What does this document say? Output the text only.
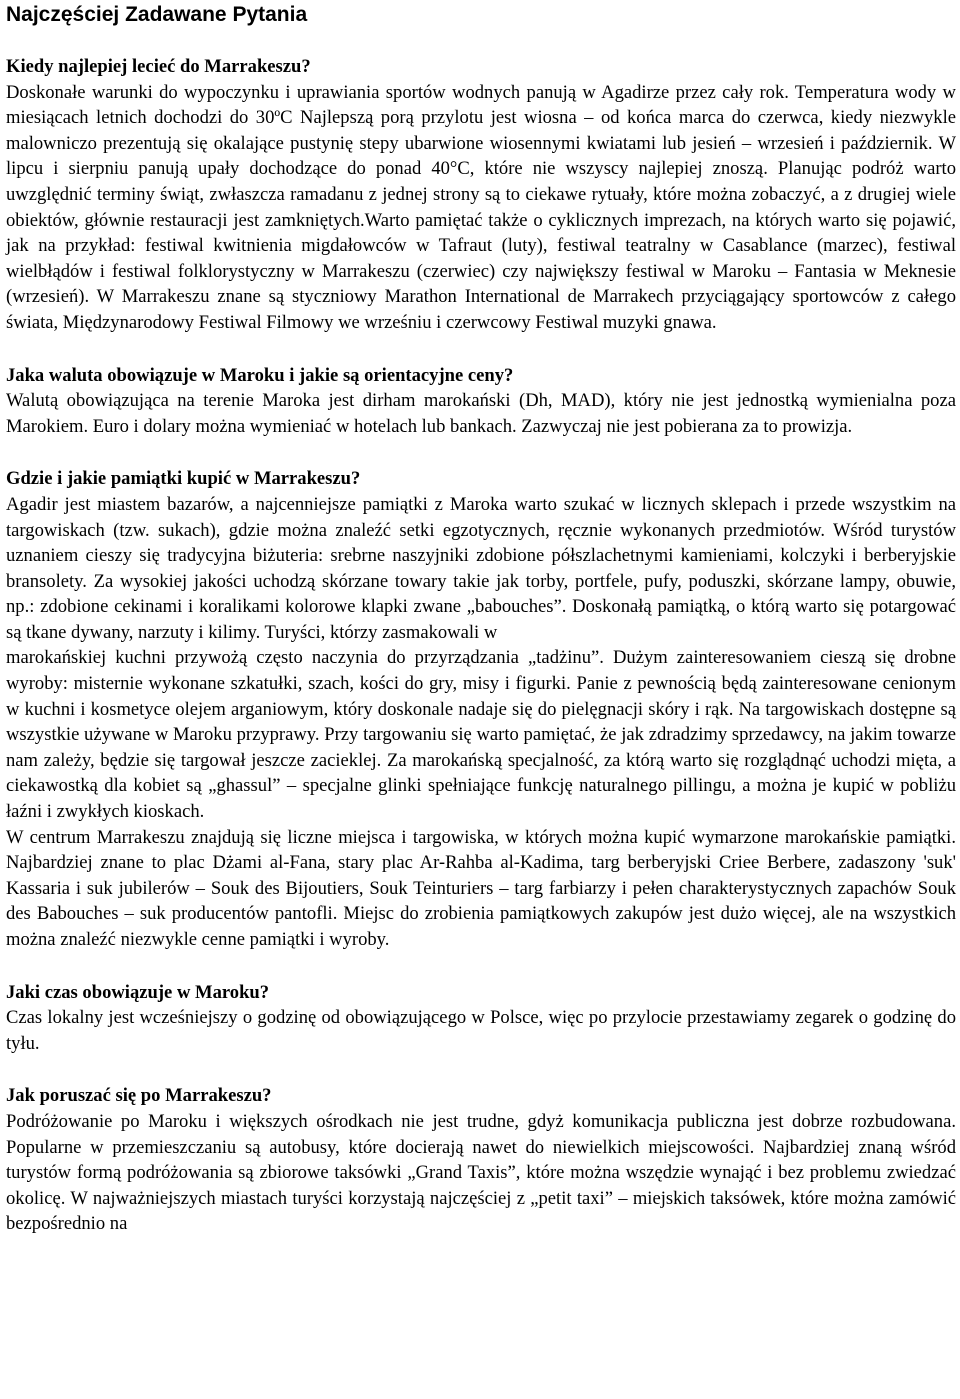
Najczęściej Zadawane Pytania

Kiedy najlepiej lecieć do Marrakeszu?

Doskonałe warunki do wypoczynku i uprawiania sportów wodnych panują w Agadirze przez cały rok. Temperatura wody w miesiącach letnich dochodzi do 30ºC Najlepszą porą przylotu jest wiosna – od końca marca do czerwca, kiedy niezwykle malowniczo prezentują się okalające pustynię stepy ubarwione wiosennymi kwiatami lub jesień – wrzesień i październik. W lipcu i sierpniu panują upały dochodzące do ponad 40°C, które nie wszyscy najlepiej znoszą. Planując podróż warto uwzględnić terminy świąt, zwłaszcza ramadanu z jednej strony są to ciekawe rytuały, które można zobaczyć, a z drugiej wiele obiektów, głównie restauracji jest zamkniętych.Warto pamiętać także o cyklicznych imprezach, na których warto się pojawić, jak na przykład: festiwal kwitnienia migdałowców w Tafraut (luty), festiwal teatralny w Casablance (marzec), festiwal wielbłądów i festiwal folklorystyczny w Marrakeszu (czerwiec) czy największy festiwal w Maroku – Fantasia w Meknesie (wrzesień). W Marrakeszu znane są styczniowy Marathon International de Marrakech przyciągający sportowców z całego świata, Międzynarodowy Festiwal Filmowy we wrześniu i czerwcowy Festiwal muzyki gnawa.

Jaka waluta obowiązuje w Maroku i jakie są orientacyjne ceny?

Walutą obowiązująca na terenie Maroka jest dirham marokański (Dh, MAD), który nie jest jednostką wymienialna poza Marokiem. Euro i dolary można wymieniać w hotelach lub bankach. Zazwyczaj nie jest pobierana za to prowizja.

Gdzie i jakie pamiątki kupić w Marrakeszu?

Agadir jest miastem bazarów, a najcenniejsze pamiątki z Maroka warto szukać w licznych sklepach i przede wszystkim na targowiskach (tzw. sukach), gdzie można znaleźć setki egzotycznych, ręcznie wykonanych przedmiotów. Wśród turystów uznaniem cieszy się tradycyjna biżuteria: srebrne naszyjniki zdobione półszlachetnymi kamieniami, kolczyki i berberyjskie bransolety. Za wysokiej jakości uchodzą skórzane towary takie jak torby, portfele, pufy, poduszki, skórzane lampy, obuwie, np.: zdobione cekinami i koralikami kolorowe klapki zwane „babouches”. Doskonałą pamiątką, o którą warto się potargować są tkane dywany, narzuty i kilimy. Turyści, którzy zasmakowali w

marokańskiej kuchni przywożą często naczynia do przyrządzania „tadżinu”. Dużym zainteresowaniem cieszą się drobne wyroby: misternie wykonane szkatułki, szach, kości do gry, misy i figurki. Panie z pewnością będą zainteresowane cenionym w kuchni i kosmetyce olejem arganiowym, który doskonale nadaje się do pielęgnacji skóry i rąk. Na targowiskach dostępne są wszystkie używane w Maroku przyprawy. Przy targowaniu się warto pamiętać, że jak zdradzimy sprzedawcy, na jakim towarze nam zależy, będzie się targował jeszcze zacieklej. Za marokańską specjalność, za którą warto się rozglądnąć uchodzi mięta, a ciekawostką dla kobiet są „ghassul” – specjalne glinki spełniające funkcję naturalnego pillingu, a można je kupić w pobliżu łaźni i zwykłych kioskach.

W centrum Marrakeszu znajdują się liczne miejsca i targowiska, w których można kupić wymarzone marokańskie pamiątki. Najbardziej znane to plac Dżami al-Fana, stary plac Ar-Rahba al-Kadima, targ berberyjski Criee Berbere, zadaszony 'suk' Kassaria i suk jubilerów – Souk des Bijoutiers, Souk Teinturiers – targ farbiarzy i pełen charakterystycznych zapachów Souk des Babouches – suk producentów pantofli. Miejsc do zrobienia pamiątkowych zakupów jest dużo więcej, ale na wszystkich można znaleźć niezwykle cenne pamiątki i wyroby.

Jaki czas obowiązuje w Maroku?

Czas lokalny jest wcześniejszy o godzinę od obowiązującego w Polsce, więc po przylocie przestawiamy zegarek o godzinę do tyłu.

Jak poruszać się po Marrakeszu?

Podróżowanie po Maroku i większych ośrodkach nie jest trudne, gdyż komunikacja publiczna jest dobrze rozbudowana. Popularne w przemieszczaniu są autobusy, które docierają nawet do niewielkich miejscowości. Najbardziej znaną wśród turystów formą podróżowania są zbiorowe taksówki „Grand Taxis”, które można wszędzie wynająć i bez problemu zwiedzać okolicę. W najważniejszych miastach turyści korzystają najczęściej z „petit taxi” – miejskich taksówek, które można zamówić bezpośrednio na
